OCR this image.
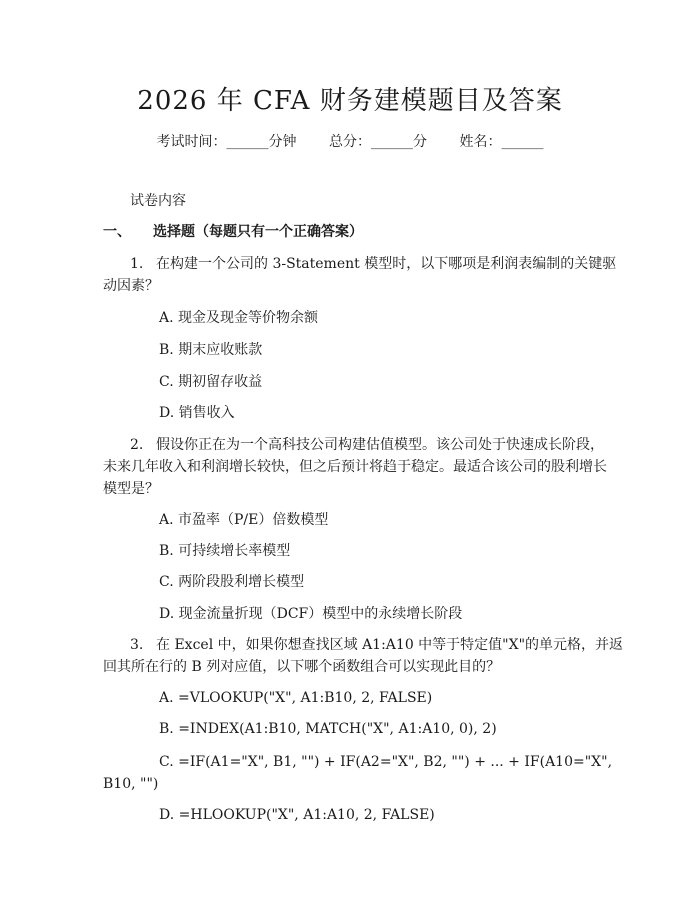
2026 年 CFA 财务建模题目及答案
考试时间：______分钟 总分：______分 姓名：______
试卷内容
一、 选择题（每题只有一个正确答案）
1. 在构建一个公司的 3-Statement 模型时，以下哪项是利润表编制的关键驱
动因素？
A. 现金及现金等价物余额
B. 期末应收账款
C. 期初留存收益
D. 销售收入
2. 假设你正在为一个高科技公司构建估值模型。该公司处于快速成长阶段，
未来几年收入和利润增长较快，但之后预计将趋于稳定。最适合该公司的股利增长
模型是？
A. 市盈率（P/E）倍数模型
B. 可持续增长率模型
C. 两阶段股利增长模型
D. 现金流量折现（DCF）模型中的永续增长阶段
3. 在 Excel 中，如果你想查找区域 A1:A10 中等于特定值"X"的单元格，并返
回其所在行的 B 列对应值，以下哪个函数组合可以实现此目的？
A. =VLOOKUP("X", A1:B10, 2, FALSE)
B. =INDEX(A1:B10, MATCH("X", A1:A10, 0), 2)
C. =IF(A1="X", B1, "") + IF(A2="X", B2, "") + ... + IF(A10="X",
B10, "")
D. =HLOOKUP("X", A1:A10, 2, FALSE)
